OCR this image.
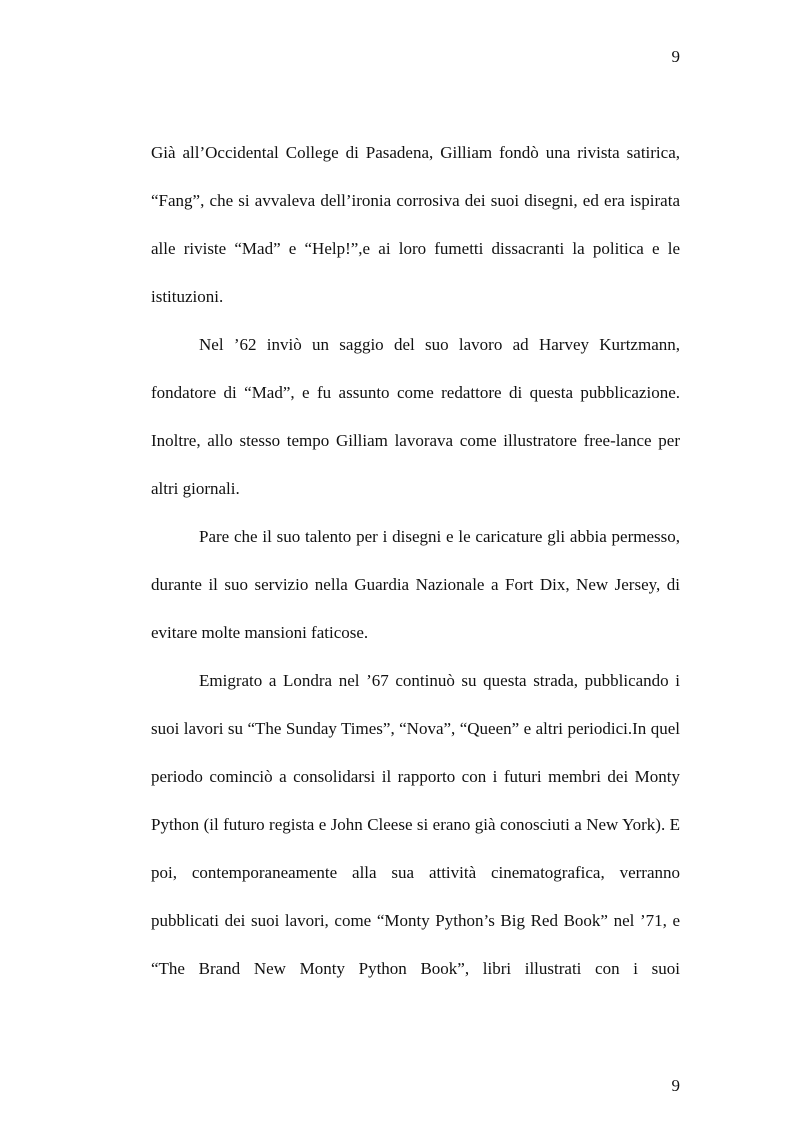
9

Già all’Occidental College di Pasadena, Gilliam fondò una rivista satirica, “Fang”, che si avvaleva dell’ironia corrosiva dei suoi disegni, ed era ispirata alle riviste “Mad” e “Help!”,e ai loro fumetti dissacranti la politica e le istituzioni.

Nel ’62 inviò un saggio del suo lavoro ad Harvey Kurtzmann, fondatore di “Mad”, e fu assunto come redattore di questa pubblicazione. Inoltre, allo stesso tempo Gilliam lavorava come illustratore free-lance per altri giornali.

Pare che il suo talento per i disegni e le caricature gli abbia permesso, durante il suo servizio nella Guardia Nazionale a Fort Dix, New Jersey, di evitare molte mansioni faticose.

Emigrato a Londra nel ’67 continuò su questa strada, pubblicando i suoi lavori su “The Sunday Times”, “Nova”, “Queen” e altri periodici.In quel periodo cominciò a consolidarsi il rapporto con i futuri membri dei Monty Python (il futuro regista e John Cleese si erano già conosciuti a New York). E poi, contemporaneamente alla sua attività cinematografica, verranno pubblicati dei suoi lavori, come “Monty Python’s Big Red Book” nel ’71, e “The Brand New Monty Python Book”, libri illustrati con i suoi

9
